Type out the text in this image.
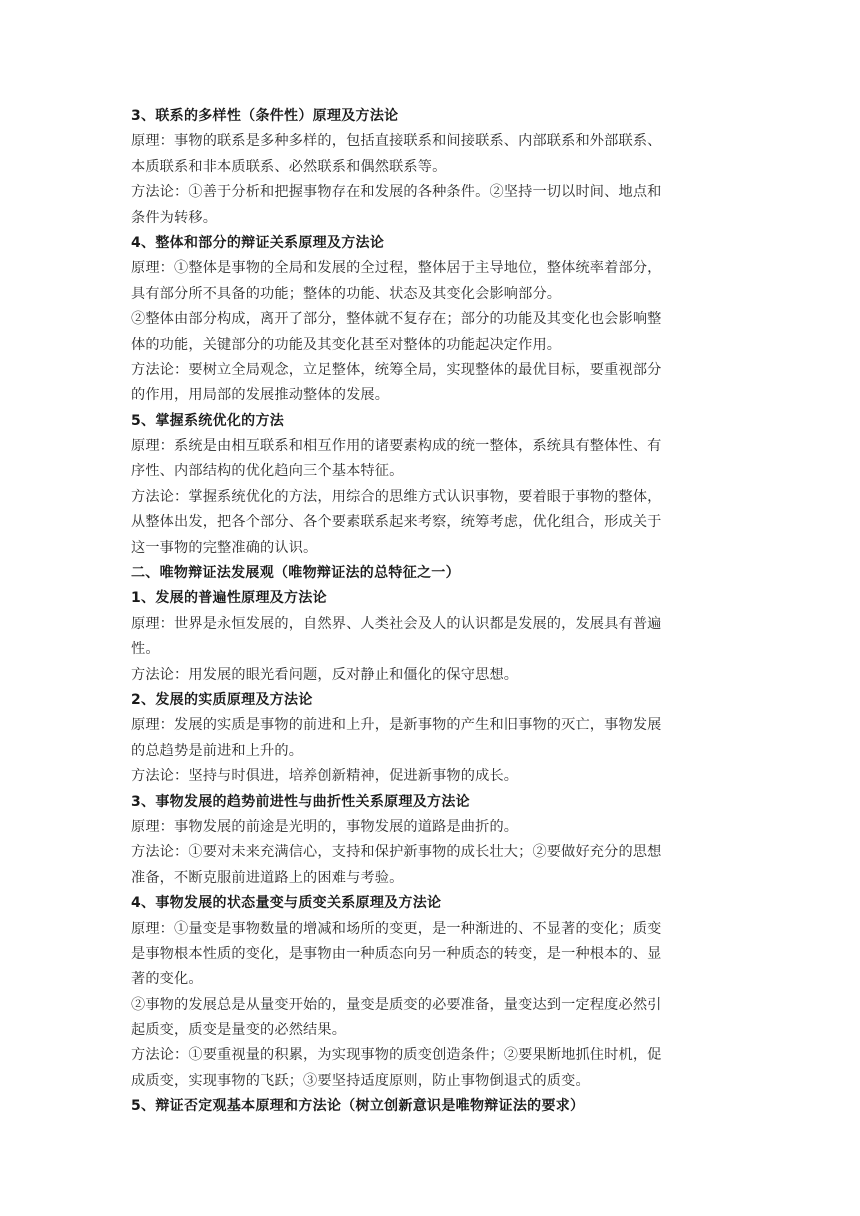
3、联系的多样性（条件性）原理及方法论
原理：事物的联系是多种多样的，包括直接联系和间接联系、内部联系和外部联系、
本质联系和非本质联系、必然联系和偶然联系等。
方法论：①善于分析和把握事物存在和发展的各种条件。②坚持一切以时间、地点和
条件为转移。
4、整体和部分的辩证关系原理及方法论
原理：①整体是事物的全局和发展的全过程，整体居于主导地位，整体统率着部分，
具有部分所不具备的功能；整体的功能、状态及其变化会影响部分。
②整体由部分构成，离开了部分，整体就不复存在；部分的功能及其变化也会影响整
体的功能，关键部分的功能及其变化甚至对整体的功能起决定作用。
方法论：要树立全局观念，立足整体，统筹全局，实现整体的最优目标，要重视部分
的作用，用局部的发展推动整体的发展。
5、掌握系统优化的方法
原理：系统是由相互联系和相互作用的诸要素构成的统一整体，系统具有整体性、有
序性、内部结构的优化趋向三个基本特征。
方法论：掌握系统优化的方法，用综合的思维方式认识事物，要着眼于事物的整体，
从整体出发，把各个部分、各个要素联系起来考察，统筹考虑，优化组合，形成关于
这一事物的完整准确的认识。
二、唯物辩证法发展观（唯物辩证法的总特征之一）
1、发展的普遍性原理及方法论
原理：世界是永恒发展的，自然界、人类社会及人的认识都是发展的，发展具有普遍
性。
方法论：用发展的眼光看问题，反对静止和僵化的保守思想。
2、发展的实质原理及方法论
原理：发展的实质是事物的前进和上升，是新事物的产生和旧事物的灭亡，事物发展
的总趋势是前进和上升的。
方法论：坚持与时俱进，培养创新精神，促进新事物的成长。
3、事物发展的趋势前进性与曲折性关系原理及方法论
原理：事物发展的前途是光明的，事物发展的道路是曲折的。
方法论：①要对未来充满信心，支持和保护新事物的成长壮大；②要做好充分的思想
准备，不断克服前进道路上的困难与考验。
4、事物发展的状态量变与质变关系原理及方法论
原理：①量变是事物数量的增减和场所的变更，是一种渐进的、不显著的变化；质变
是事物根本性质的变化，是事物由一种质态向另一种质态的转变，是一种根本的、显
著的变化。
②事物的发展总是从量变开始的，量变是质变的必要准备，量变达到一定程度必然引
起质变，质变是量变的必然结果。
方法论：①要重视量的积累，为实现事物的质变创造条件；②要果断地抓住时机，促
成质变，实现事物的飞跃；③要坚持适度原则，防止事物倒退式的质变。
5、辩证否定观基本原理和方法论（树立创新意识是唯物辩证法的要求）
